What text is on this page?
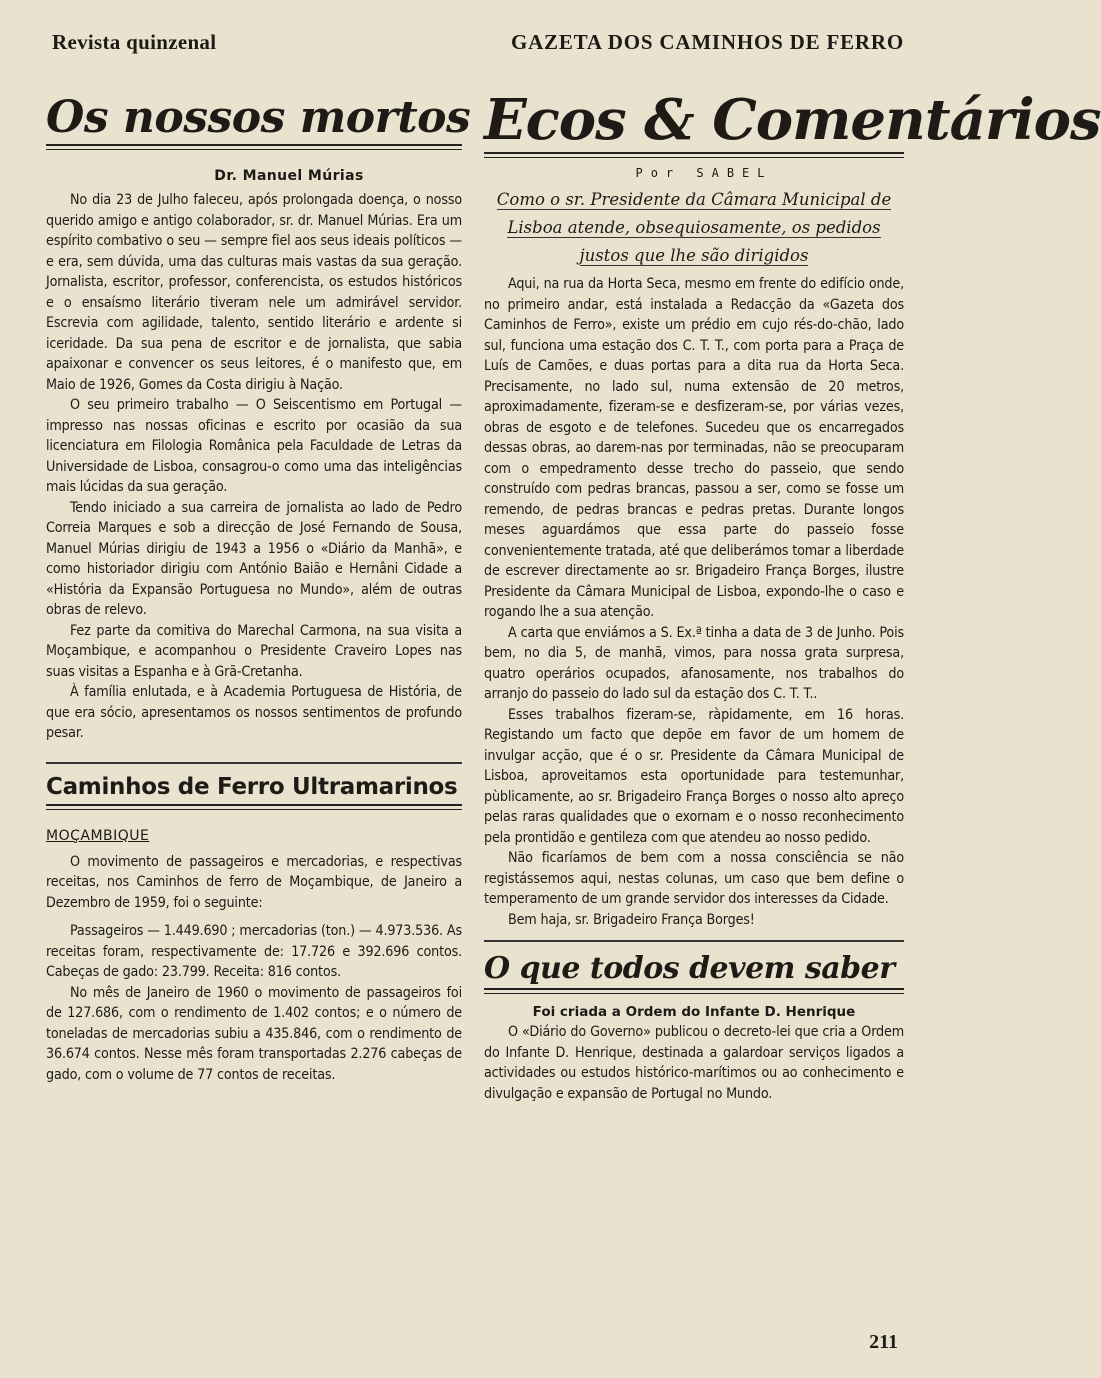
Revista quinzenal	GAZETA DOS CAMINHOS DE FERRO
Os nossos mortos
Dr. Manuel Múrias

No dia 23 de Julho faleceu, após prolongada doença, o nosso querido amigo e antigo colaborador, sr. dr. Manuel Múrias. Era um espírito combativo o seu — sempre fiel aos seus ideais políticos — e era, sem dúvida, uma das culturas mais vastas da sua geração. Jornalista, escritor, professor, conferencista, os estudos históricos e o ensaísmo literário tiveram nele um admirável servidor. Escrevia com agilidade, talento, sentido literário e ardente si iceridade. Da sua pena de escritor e de jornalista, que sabia apaixonar e convencer os seus leitores, é o manifesto que, em Maio de 1926, Gomes da Costa dirigiu à Nação.

O seu primeiro trabalho — O Seiscentismo em Portugal — impresso nas nossas oficinas e escrito por ocasião da sua licenciatura em Filologia Românica pela Faculdade de Letras da Universidade de Lisboa, consagrou-o como uma das inteligências mais lúcidas da sua geração.

Tendo iniciado a sua carreira de jornalista ao lado de Pedro Correia Marques e sob a direcção de José Fernando de Sousa, Manuel Múrias dirigiu de 1943 a 1956 o «Diário da Manhã», e como historiador dirigiu com António Baião e Hernâni Cidade a «História da Expansão Portuguesa no Mundo», além de outras obras de relevo.

Fez parte da comitiva do Marechal Carmona, na sua visita a Moçambique, e acompanhou o Presidente Craveiro Lopes nas suas visitas a Espanha e à Grã-Cretanha.

À família enlutada, e à Academia Portuguesa de História, de que era sócio, apresentamos os nossos sentimentos de profundo pesar.

Caminhos de Ferro Ultramarinos
MOÇAMBIQUE

O movimento de passageiros e mercadorias, e respectivas receitas, nos Caminhos de ferro de Moçambique, de Janeiro a Dezembro de 1959, foi o seguinte:

Passageiros — 1.449.690 ; mercadorias (ton.) — 4.973.536. As receitas foram, respectivamente de: 17.726 e 392.696 contos. Cabeças de gado: 23.799. Receita: 816 contos.

No mês de Janeiro de 1960 o movimento de passageiros foi de 127.686, com o rendimento de 1.402 contos; e o número de toneladas de mercadorias subiu a 435.846, com o rendimento de 36.674 contos. Nesse mês foram transportadas 2.276 cabeças de gado, com o volume de 77 contos de receitas.

Ecos & Comentários
Por SABEL
Como o sr. Presidente da Câmara Municipal de Lisboa atende, obsequiosamente, os pedidos justos que lhe são dirigidos

Aqui, na rua da Horta Seca, mesmo em frente do edifício onde, no primeiro andar, está instalada a Redacção da «Gazeta dos Caminhos de Ferro», existe um prédio em cujo rés-do-chão, lado sul, funciona uma estação dos C. T. T., com porta para a Praça de Luís de Camões, e duas portas para a dita rua da Horta Seca. Precisamente, no lado sul, numa extensão de 20 metros, aproximadamente, fizeram-se e desfizeram-se, por várias vezes, obras de esgoto e de telefones. Sucedeu que os encarregados dessas obras, ao darem-nas por terminadas, não se preocuparam com o empedramento desse trecho do passeio, que sendo construído com pedras brancas, passou a ser, como se fosse um remendo, de pedras brancas e pedras pretas. Durante longos meses aguardámos que essa parte do passeio fosse convenientemente tratada, até que deliberámos tomar a liberdade de escrever directamente ao sr. Brigadeiro França Borges, ilustre Presidente da Câmara Municipal de Lisboa, expondo-lhe o caso e rogando lhe a sua atenção.

A carta que enviámos a S. Ex.ª tinha a data de 3 de Junho. Pois bem, no dia 5, de manhã, vimos, para nossa grata surpresa, quatro operários ocupados, afanosamente, nos trabalhos do arranjo do passeio do lado sul da estação dos C. T. T..

Esses trabalhos fizeram-se, ràpidamente, em 16 horas. Registando um facto que depõe em favor de um homem de invulgar acção, que é o sr. Presidente da Câmara Municipal de Lisboa, aproveitamos esta oportunidade para testemunhar, pùblicamente, ao sr. Brigadeiro França Borges o nosso alto apreço pelas raras qualidades que o exornam e o nosso reconhecimento pela prontidão e gentileza com que atendeu ao nosso pedido.

Não ficaríamos de bem com a nossa consciência se não registássemos aqui, nestas colunas, um caso que bem define o temperamento de um grande servidor dos interesses da Cidade.

Bem haja, sr. Brigadeiro França Borges!

O que todos devem saber
Foi criada a Ordem do Infante D. Henrique

O «Diário do Governo» publicou o decreto-lei que cria a Ordem do Infante D. Henrique, destinada a galardoar serviços ligados a actividades ou estudos histórico-marítimos ou ao conhecimento e divulgação e expansão de Portugal no Mundo.

211
